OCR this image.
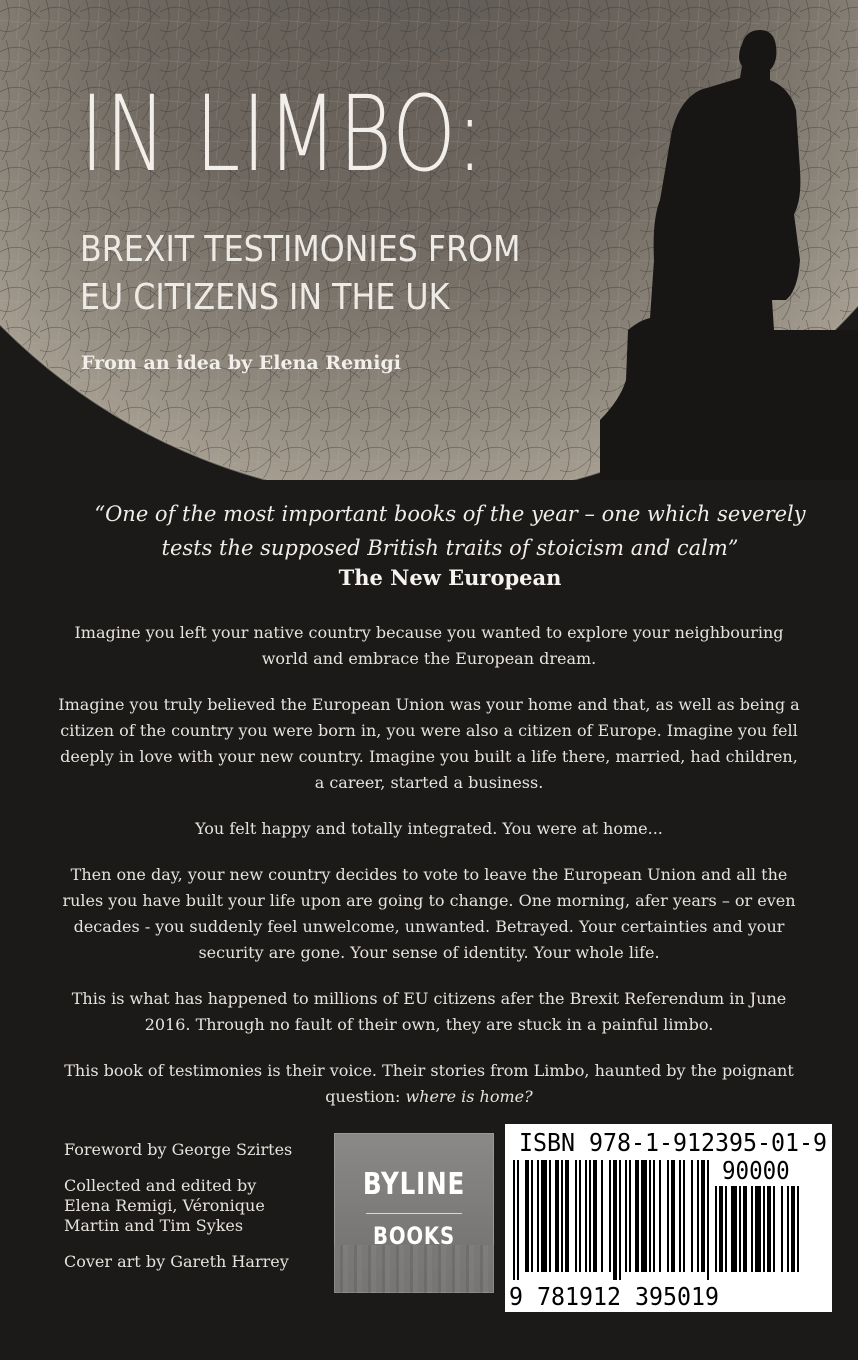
IN LIMBO:
BREXIT TESTIMONIES FROM
EU CITIZENS IN THE UK
From an idea by Elena Remigi
“One of the most important books of the year – one which severely
tests the supposed British traits of stoicism and calm”
The New European

Imagine you left your native country because you wanted to explore your neighbouring world and embrace the European dream.

Imagine you truly believed the European Union was your home and that, as well as being a citizen of the country you were born in, you were also a citizen of Europe. Imagine you fell deeply in love with your new country. Imagine you built a life there, married, had children, a career, started a business.

You felt happy and totally integrated. You were at home...

Then one day, your new country decides to vote to leave the European Union and all the rules you have built your life upon are going to change. One morning, afer years – or even decades - you suddenly feel unwelcome, unwanted. Betrayed. Your certainties and your security are gone. Your sense of identity. Your whole life.

This is what has happened to millions of EU citizens afer the Brexit Referendum in June 2016. Through no fault of their own, they are stuck in a painful limbo.

This book of testimonies is their voice. Their stories from Limbo, haunted by the poignant question: where is home?

Foreword by George Szirtes

Collected and edited by
Elena Remigi, Véronique
Martin and Tim Sykes

Cover art by Gareth Harrey

BYLINE
BOOKS
ISBN 978-1-912395-01-9
90000
9 781912 395019
